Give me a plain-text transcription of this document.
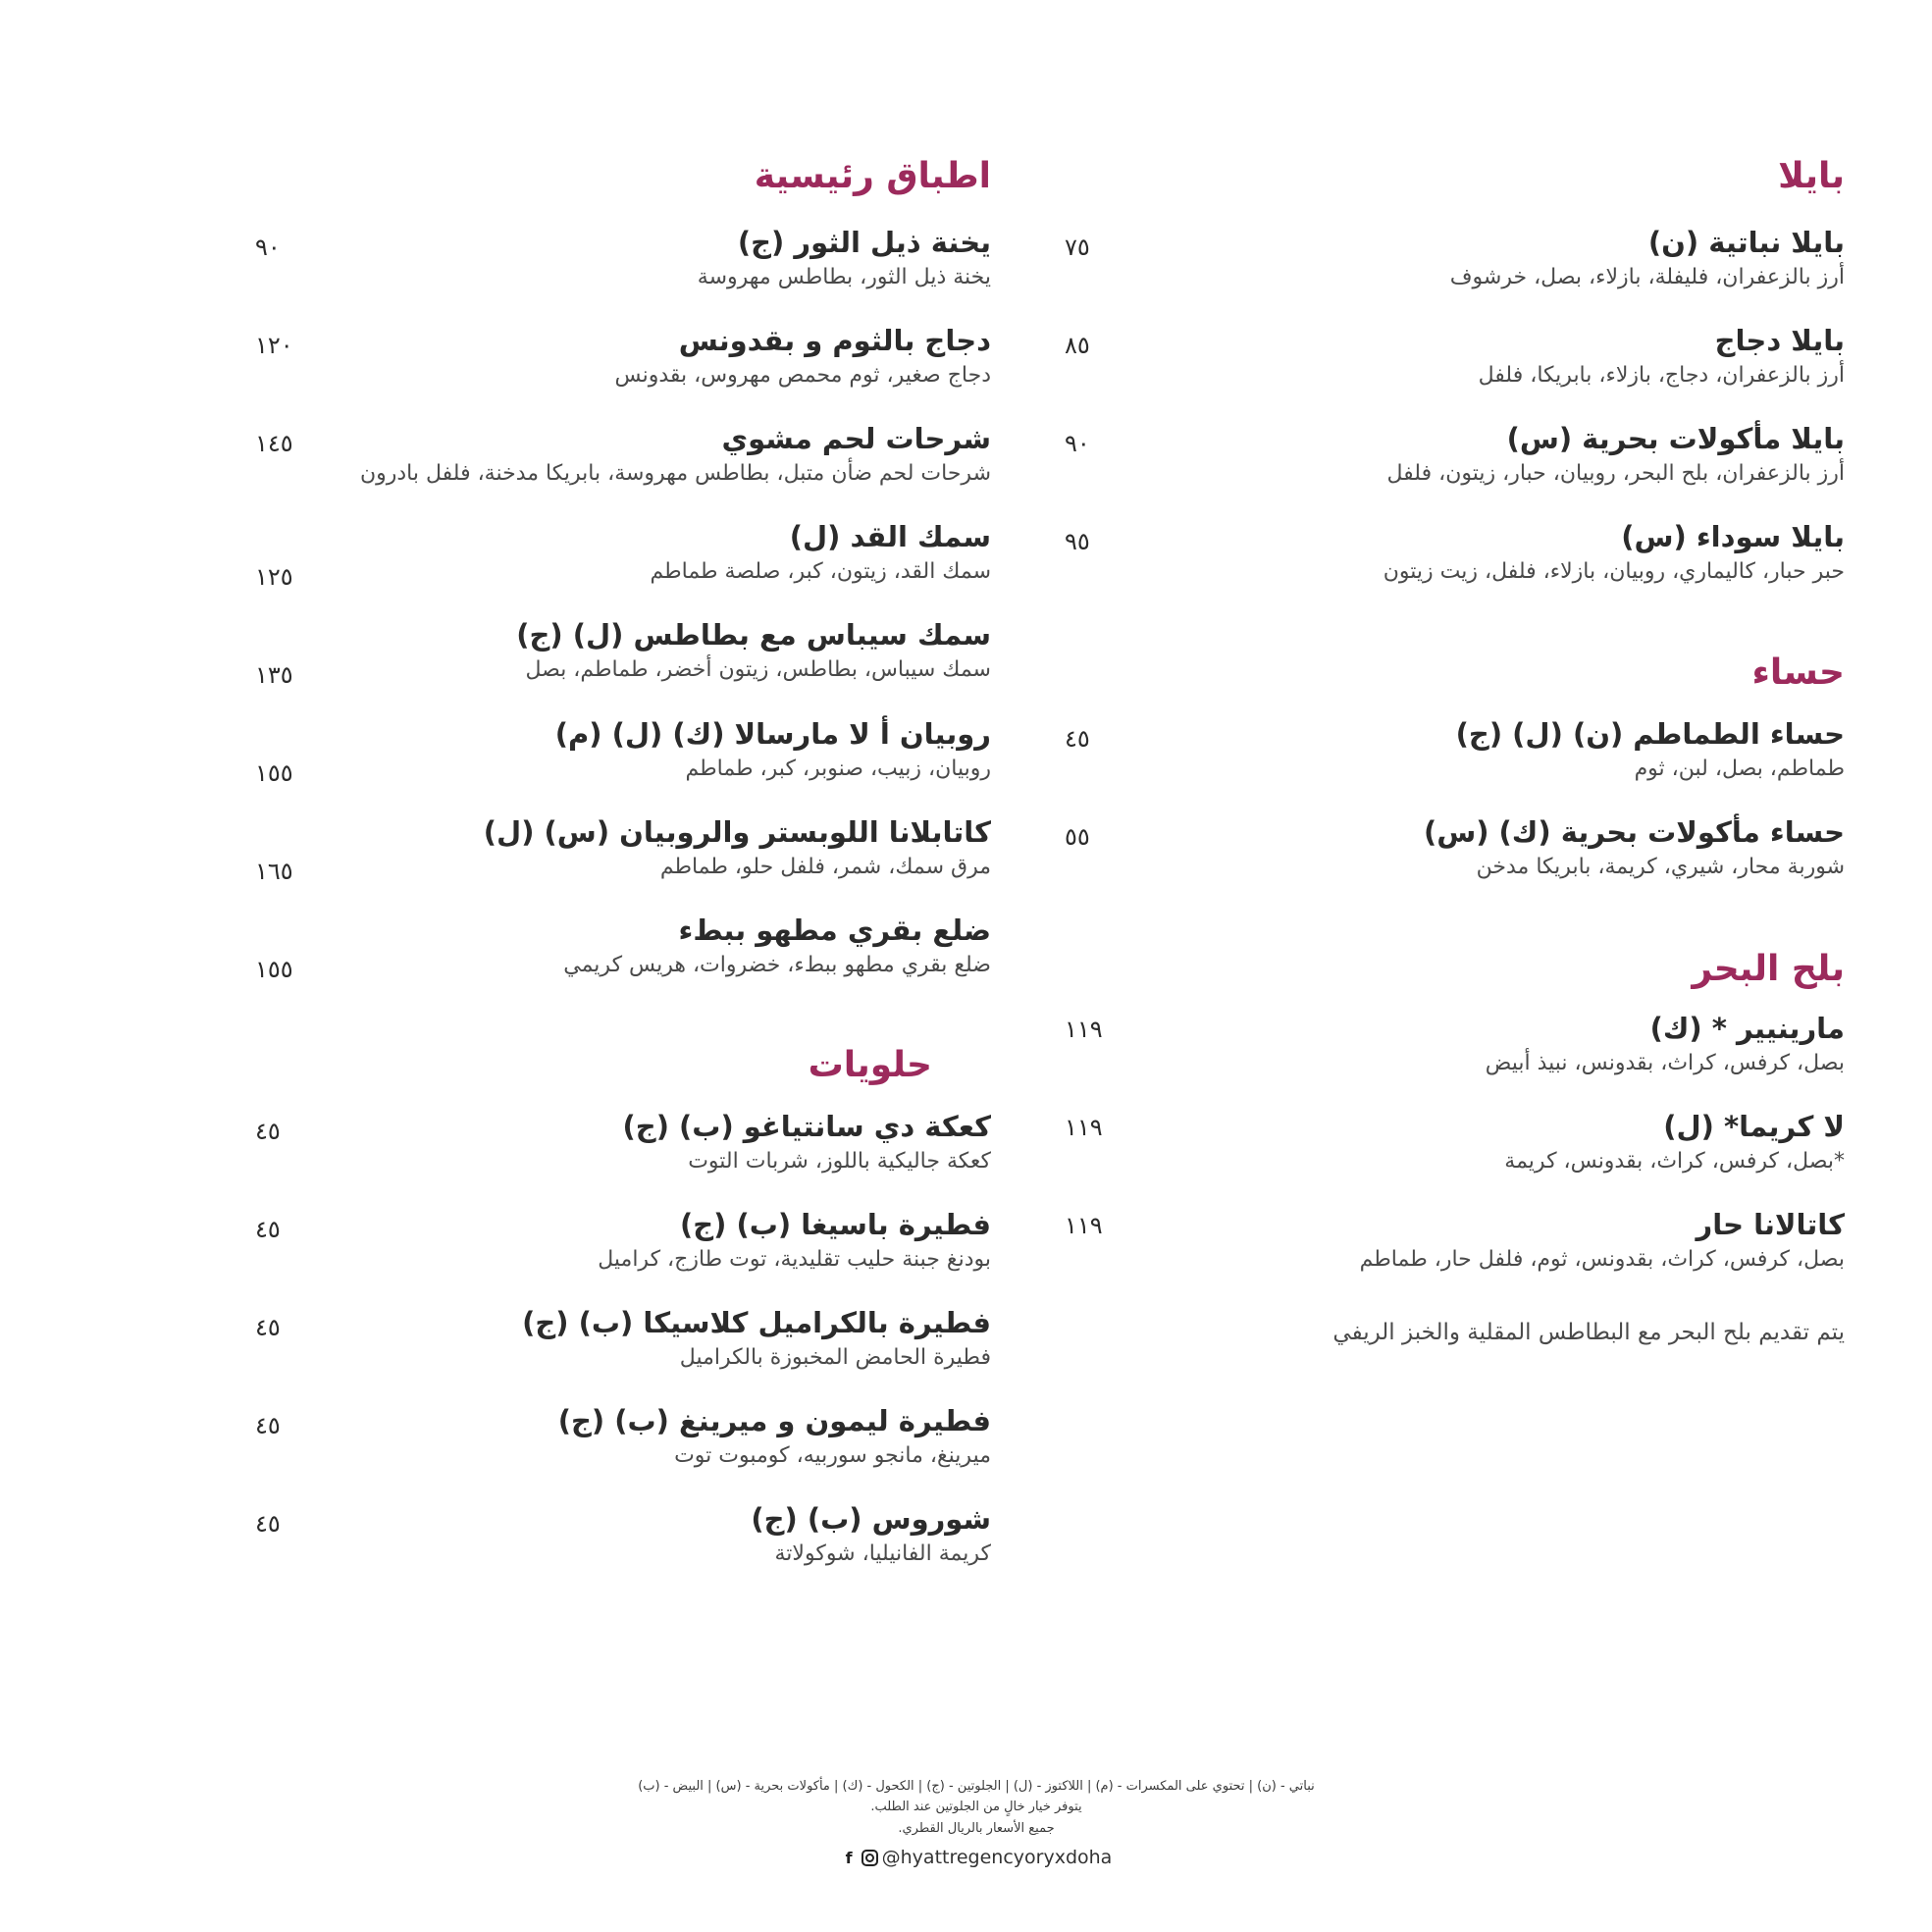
بايلا
بايلا نباتية (ن)
أرز بالزعفران، فليفلة، بازلاء، بصل، خرشوف
٧٥
بايلا دجاج
أرز بالزعفران، دجاج، بازلاء، بابريكا، فلفل
٨٥
بايلا مأكولات بحرية (س)
أرز بالزعفران، بلح البحر، روبيان، حبار، زيتون، فلفل
٩٠
بايلا سوداء (س)
حبر حبار، كاليماري، روبيان، بازلاء، فلفل، زيت زيتون
٩٥
حساء
حساء الطماطم (ن) (ل) (ج)
طماطم، بصل، لبن، ثوم
٤٥
حساء مأكولات بحرية (ك) (س)
شوربة محار، شيري، كريمة، بابريكا مدخن
٥٥
بلح البحر
مارينيير * (ك)
بصل، كرفس، كراث، بقدونس، نبيذ أبيض
١١٩
لا كريما* (ل)
*بصل، كرفس، كراث، بقدونس، كريمة
١١٩
كاتالانا حار
بصل، كرفس، كراث، بقدونس، ثوم، فلفل حار، طماطم
١١٩
يتم تقديم بلح البحر مع البطاطس المقلية والخبز الريفي
اطباق رئيسية
يخنة ذيل الثور (ج)
يخنة ذيل الثور، بطاطس مهروسة
٩٠
دجاج بالثوم و بقدونس
دجاج صغير، ثوم محمص مهروس، بقدونس
١٢٠
شرحات لحم مشوي
شرحات لحم ضأن متبل، بطاطس مهروسة، بابريكا مدخنة، فلفل بادرون
١٤٥
سمك القد (ل)
سمك القد، زيتون، كبر، صلصة طماطم
١٢٥
سمك سيباس مع بطاطس (ل) (ج)
سمك سيباس، بطاطس، زيتون أخضر، طماطم، بصل
١٣٥
روبيان أ لا مارسالا (ك) (ل) (م)
روبيان، زبيب، صنوبر، كبر، طماطم
١٥٥
كاتابلانا اللوبستر والروبيان (س) (ل)
مرق سمك، شمر، فلفل حلو، طماطم
١٦٥
ضلع بقري مطهو ببطء
ضلع بقري مطهو ببطء، خضروات، هريس كريمي
١٥٥
حلويات
كعكة دي سانتياغو (ب) (ج)
كعكة جاليكية باللوز، شربات التوت
٤٥
فطيرة باسيغا (ب) (ج)
بودنغ جبنة حليب تقليدية، توت طازج، كراميل
٤٥
فطيرة بالكراميل كلاسيكا (ب) (ج)
فطيرة الحامض المخبوزة بالكراميل
٤٥
فطيرة ليمون و ميرينغ (ب) (ج)
ميرينغ، مانجو سوربيه، كومبوت توت
٤٥
شوروس (ب) (ج)
كريمة الفانيليا، شوكولاتة
٤٥
نباتي - (ن) | تحتوي على المكسرات - (م) | اللاكتوز - (ل) | الجلوتين - (ج) | الكحول - (ك) | مأكولات بحرية - (س) | البيض - (ب)
يتوفر خيار خالٍ من الجلوتين عند الطلب.
جميع الأسعار بالريال القطري.
f @hyattregencyoryxdoha
